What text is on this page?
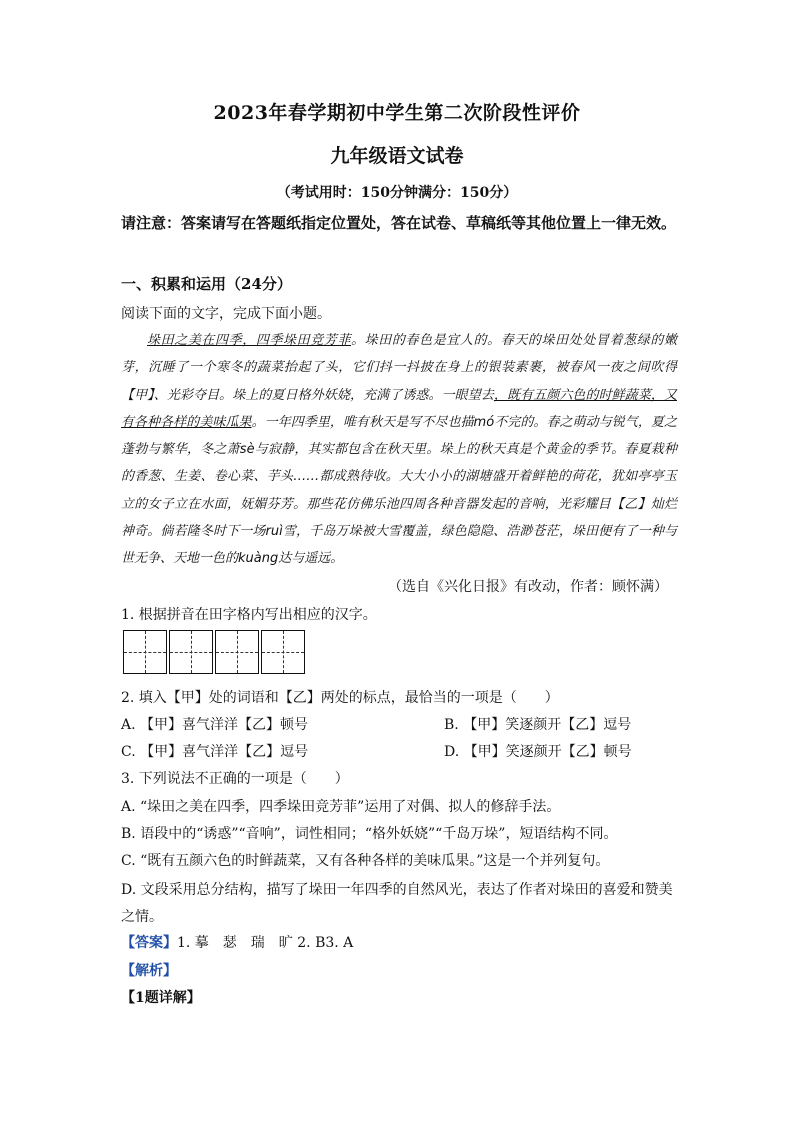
2023年春学期初中学生第二次阶段性评价
九年级语文试卷
（考试用时：150分钟满分：150分）
请注意：答案请写在答题纸指定位置处，答在试卷、草稿纸等其他位置上一律无效。
一、积累和运用（24分）
阅读下面的文字，完成下面小题。
垛田之美在四季，四季垛田竞芳菲。垛田的春色是宜人的。春天的垛田处处冒着葱绿的嫩芽，沉睡了一个寒冬的蔬菜抬起了头，它们抖一抖披在身上的银装素裹，被春风一夜之间吹得【甲】、光彩夺目。垛上的夏日格外妖娆，充满了诱惑。一眼望去，既有五颜六色的时鲜蔬菜，又有各种各样的美味瓜果。一年四季里，唯有秋天是写不尽也描mó不完的。春之萌动与锐气，夏之蓬勃与繁华，冬之萧sè与寂静，其实都包含在秋天里。垛上的秋天真是个黄金的季节。春夏栽种的香葱、生姜、卷心菜、芋头……都成熟待收。大大小小的湖塘盛开着鲜艳的荷花，犹如亭亭玉立的女子立在水面，妩媚芬芳。那些花仿佛乐池四周各种音器发起的音响，光彩耀目【乙】灿烂神奇。倘若隆冬时下一场ruì雪，千岛万垛被大雪覆盖，绿色隐隐、浩渺苍茫，垛田便有了一种与世无争、天地一色的kuàng达与遥远。
（选自《兴化日报》有改动，作者：顾怀满）
1. 根据拼音在田字格内写出相应的汉字。
2. 填入【甲】处的词语和【乙】两处的标点，最恰当的一项是（　　）
A. 【甲】喜气洋洋【乙】顿号	B. 【甲】笑逐颜开【乙】逗号
C. 【甲】喜气洋洋【乙】逗号	D. 【甲】笑逐颜开【乙】顿号
3. 下列说法不正确的一项是（　　）
A. “垛田之美在四季，四季垛田竞芳菲”运用了对偶、拟人的修辞手法。
B. 语段中的“诱惑”“音响”，词性相同；“格外妖娆”“千岛万垛”，短语结构不同。
C. “既有五颜六色的时鲜蔬菜，又有各种各样的美味瓜果。”这是一个并列复句。
D. 文段采用总分结构，描写了垛田一年四季的自然风光，表达了作者对垛田的喜爱和赞美之情。
【答案】1. 摹　瑟　瑞　旷 2. B3. A
【解析】
【1题详解】
